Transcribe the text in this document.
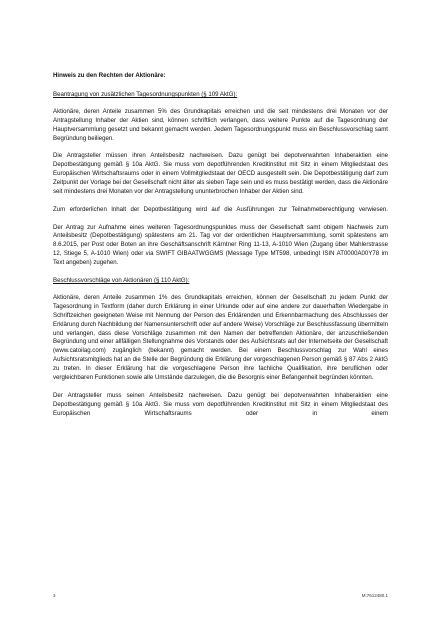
Hinweis zu den Rechten der Aktionäre:

Beantragung von zusätzlichen Tagesordnungspunkten (§ 109 AktG):

Aktionäre, deren Anteile zusammen 5% des Grundkapitals erreichen und die seit mindestens drei Monaten vor der Antragstellung Inhaber der Aktien sind, können schriftlich verlangen, dass weitere Punkte auf die Tagesordnung der Hauptversammlung gesetzt und bekannt gemacht werden. Jedem Tagesordnungspunkt muss ein Beschlussvorschlag samt Begründung beiliegen.

Die Antragsteller müssen ihren Anteilsbesitz nachweisen. Dazu genügt bei depotverwahrten Inhaberaktien eine Depotbestätigung gemäß § 10a AktG. Sie muss vom depotführenden Kreditinstitut mit Sitz in einem Mitgliedstaat des Europäischen Wirtschaftsraums oder in einem Vollmitgliedstaat der OECD ausgestellt sein. Die Depotbestätigung darf zum Zeitpunkt der Vorlage bei der Gesellschaft nicht älter als sieben Tage sein und es muss bestätigt werden, dass die Aktionäre seit mindestens drei Monaten vor der Antragstellung ununterbrochen Inhaber der Aktien sind.

Zum erforderlichen Inhalt der Depotbestätigung wird auf die Ausführungen zur Teilnahmeberechtigung verwiesen.

Der Antrag zur Aufnahme eines weiteren Tagesordnungspunktes muss der Gesellschaft samt obigem Nachweis zum Anteilsbesitz (Depotbestätigung) spätestens am 21. Tag vor der ordentlichen Hauptversammlung, somit spätestens am 8.6.2015, per Post oder Boten an ihre Geschäftsanschrift Kärntner Ring 11-13, A-1010 Wien (Zugang über Mahlerstrasse 12, Stiege 5, A-1010 Wien) oder via SWIFT GIBAATWGGMS (Message Type MT598, unbedingt ISIN AT0000A00Y78 im Text angeben) zugehen.

Beschlussvorschläge von Aktionären (§ 110 AktG):

Aktionäre, deren Anteile zusammen 1% des Grundkapitals erreichen, können der Gesellschaft zu jedem Punkt der Tagesordnung in Textform (daher durch Erklärung in einer Urkunde oder auf eine andere zur dauerhaften Wiedergabe in Schriftzeichen geeigneten Weise mit Nennung der Person des Erklärenden und Erkennbarmachung des Abschlusses der Erklärung durch Nachbildung der Namensunterschrift oder auf andere Weise) Vorschläge zur Beschlussfassung übermitteln und verlangen, dass diese Vorschläge zusammen mit den Namen der betreffenden Aktionäre, der anzuschließenden Begründung und einer allfälligen Stellungnahme des Vorstands oder des Aufsichtsrats auf der Internetseite der Gesellschaft (www.catoilag.com) zugänglich (bekannt) gemacht werden. Bei einem Beschlussvorschlag zur Wahl eines Aufsichtsratsmitglieds hat an die Stelle der Begründung die Erklärung der vorgeschlagenen Person gemäß § 87 Abs 2 AktG zu treten. In dieser Erklärung hat die vorgeschlagene Person ihre fachliche Qualifikation, ihre beruflichen oder vergleichbaren Funktionen sowie alle Umstände darzulegen, die die Besorgnis einer Befangenheit begründen könnten.

Der Antragsteller muss seinen Anteilsbesitz nachweisen. Dazu genügt bei depotverwahrten Inhaberaktien eine Depotbestätigung gemäß § 10a AktG. Sie muss vom depotführenden Kreditinstitut mit Sitz in einem Mitgliedstaat des Europäischen Wirtschaftsraums oder in einem

3	M:7612480.1
